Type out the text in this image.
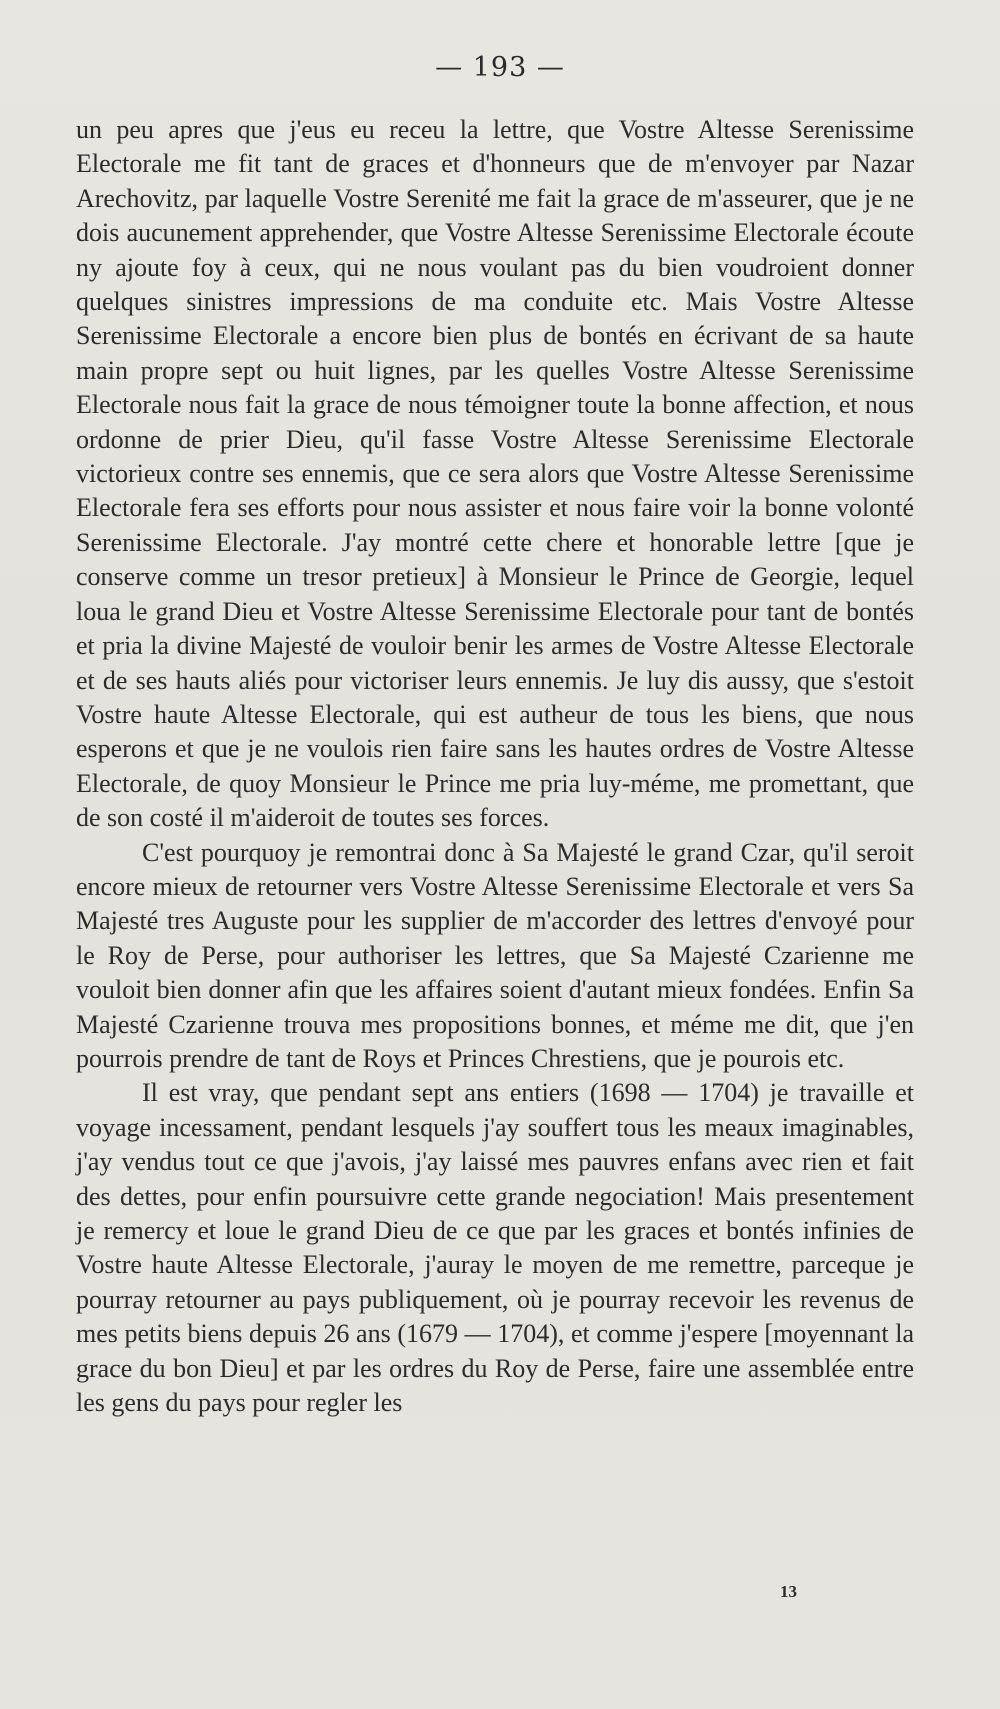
— 193 —

un peu apres que j'eus eu receu la lettre, que Vostre Altesse Serenissime Electorale me fit tant de graces et d'honneurs que de m'envoyer par Nazar Arechovitz, par laquelle Vostre Serenité me fait la grace de m'asseurer, que je ne dois aucunement apprehender, que Vostre Altesse Serenissime Electorale écoute ny ajoute foy à ceux, qui ne nous voulant pas du bien voudroient donner quelques sinistres impressions de ma conduite etc. Mais Vostre Altesse Serenissime Electorale a encore bien plus de bontés en écrivant de sa haute main propre sept ou huit lignes, par les quelles Vostre Altesse Serenissime Electorale nous fait la grace de nous témoigner toute la bonne affection, et nous ordonne de prier Dieu, qu'il fasse Vostre Altesse Serenissime Electorale victorieux contre ses ennemis, que ce sera alors que Vostre Altesse Serenissime Electorale fera ses efforts pour nous assister et nous faire voir la bonne volonté Serenissime Electorale. J'ay montré cette chere et honorable lettre [que je conserve comme un tresor pretieux] à Monsieur le Prince de Georgie, lequel loua le grand Dieu et Vostre Altesse Serenissime Electorale pour tant de bontés et pria la divine Majesté de vouloir benir les armes de Vostre Altesse Electorale et de ses hauts aliés pour victoriser leurs ennemis. Je luy dis aussy, que s'estoit Vostre haute Altesse Electorale, qui est autheur de tous les biens, que nous esperons et que je ne voulois rien faire sans les hautes ordres de Vostre Altesse Electorale, de quoy Monsieur le Prince me pria luy-méme, me promettant, que de son costé il m'aideroit de toutes ses forces.

C'est pourquoy je remontrai donc à Sa Majesté le grand Czar, qu'il seroit encore mieux de retourner vers Vostre Altesse Serenissime Electorale et vers Sa Majesté tres Auguste pour les supplier de m'accorder des lettres d'envoyé pour le Roy de Perse, pour authoriser les lettres, que Sa Majesté Czarienne me vouloit bien donner afin que les affaires soient d'autant mieux fondées. Enfin Sa Majesté Czarienne trouva mes propositions bonnes, et méme me dit, que j'en pourrois prendre de tant de Roys et Princes Chrestiens, que je pourois etc.

Il est vray, que pendant sept ans entiers (1698 — 1704) je travaille et voyage incessament, pendant lesquels j'ay souffert tous les meaux imaginables, j'ay vendus tout ce que j'avois, j'ay laissé mes pauvres enfans avec rien et fait des dettes, pour enfin poursuivre cette grande negociation! Mais presentement je remercy et loue le grand Dieu de ce que par les graces et bontés infinies de Vostre haute Altesse Electorale, j'auray le moyen de me remettre, parceque je pourray retourner au pays publiquement, où je pourray recevoir les revenus de mes petits biens depuis 26 ans (1679 — 1704), et comme j'espere [moyennant la grace du bon Dieu] et par les ordres du Roy de Perse, faire une assemblée entre les gens du pays pour regler les

13
